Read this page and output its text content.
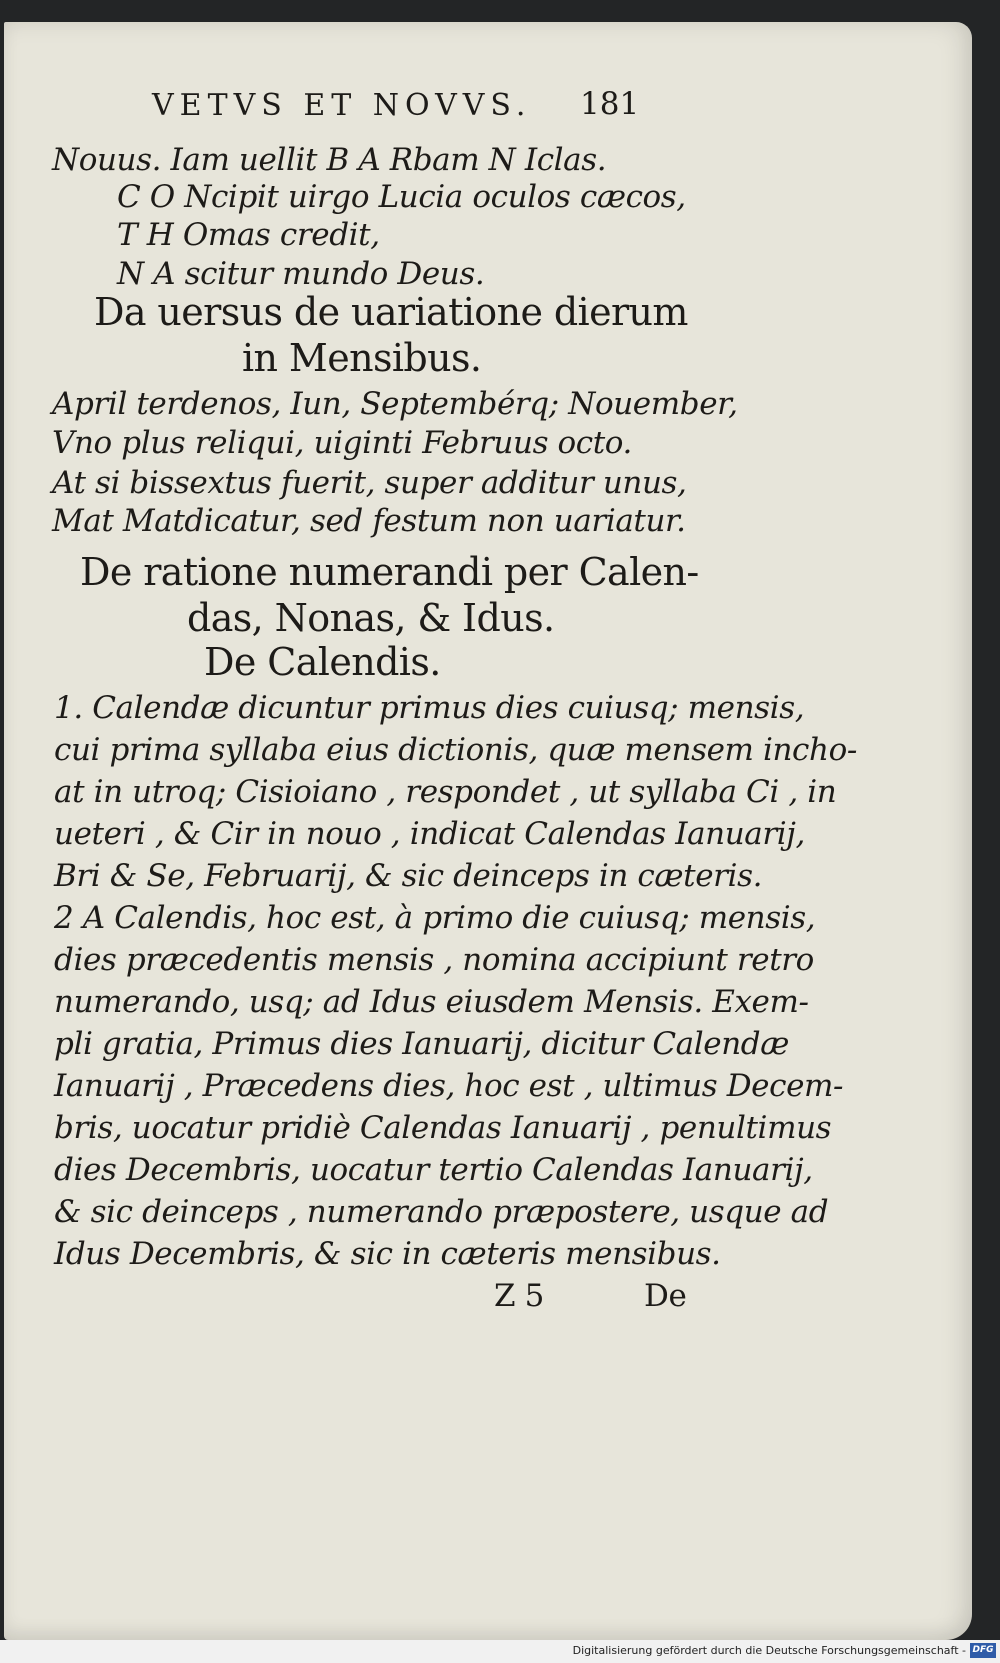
VETVS ET NOVVS. 181
Nouus. Iam uellit B A Rbam N Iclas.
C O Ncipit uirgo Lucia oculos cæcos,
T H Omas credit,
N A scitur mundo Deus.
Da uersus de uariatione dierum
in Mensibus.
April terdenos, Iun, Septembérq; Nouember,
Vno plus reliqui, uiginti Februus octo.
At si bissextus fuerit, super additur unus,
Mat Matdicatur, sed festum non uariatur.
De ratione numerandi per Calen-
das, Nonas, & Idus.
De Calendis.
1. Calendæ dicuntur primus dies cuiusq; mensis,
cui prima syllaba eius dictionis, quæ mensem incho-
at in utroq; Cisioiano , respondet , ut syllaba Ci , in
ueteri , & Cir in nouo , indicat Calendas Ianuarij,
Bri & Se, Februarij, & sic deinceps in cæteris.
2 A Calendis, hoc est, à primo die cuiusq; mensis,
dies præcedentis mensis , nomina accipiunt retro
numerando, usq; ad Idus eiusdem Mensis. Exem-
pli gratia, Primus dies Ianuarij, dicitur Calendæ
Ianuarij , Præcedens dies, hoc est , ultimus Decem-
bris, uocatur pridiè Calendas Ianuarij , penultimus
dies Decembris, uocatur tertio Calendas Ianuarij,
& sic deinceps , numerando præpostere, usque ad
Idus Decembris, & sic in cæteris mensibus.
Z 5	De
Digitalisierung gefördert durch die Deutsche Forschungsgemeinschaft - DFG
